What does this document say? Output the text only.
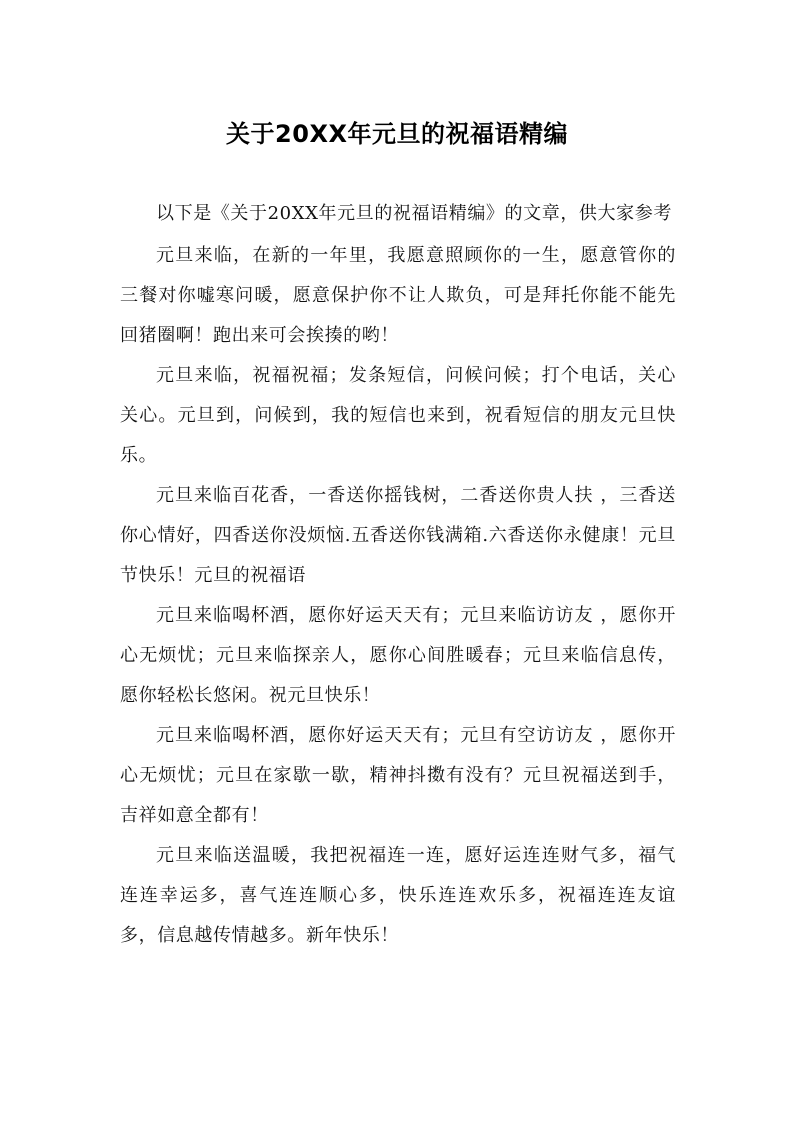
关于20XX年元旦的祝福语精编

以下是《关于20XX年元旦的祝福语精编》的文章，供大家参考

元旦来临，在新的一年里，我愿意照顾你的一生，愿意管你的三餐对你嘘寒问暖，愿意保护你不让人欺负，可是拜托你能不能先回猪圈啊！跑出来可会挨揍的哟！

元旦来临，祝福祝福；发条短信，问候问候；打个电话，关心关心。元旦到，问候到，我的短信也来到，祝看短信的朋友元旦快乐。

元旦来临百花香，一香送你摇钱树，二香送你贵人扶 ，三香送你心情好，四香送你没烦恼.五香送你钱满箱.六香送你永健康！元旦节快乐！元旦的祝福语

元旦来临喝杯酒，愿你好运天天有；元旦来临访访友 ，愿你开心无烦忧；元旦来临探亲人，愿你心间胜暖春；元旦来临信息传，愿你轻松长悠闲。祝元旦快乐！

元旦来临喝杯酒，愿你好运天天有；元旦有空访访友 ，愿你开心无烦忧；元旦在家歇一歇，精神抖擞有没有？元旦祝福送到手，吉祥如意全都有！

元旦来临送温暖，我把祝福连一连，愿好运连连财气多，福气连连幸运多，喜气连连顺心多，快乐连连欢乐多，祝福连连友谊多，信息越传情越多。新年快乐！
